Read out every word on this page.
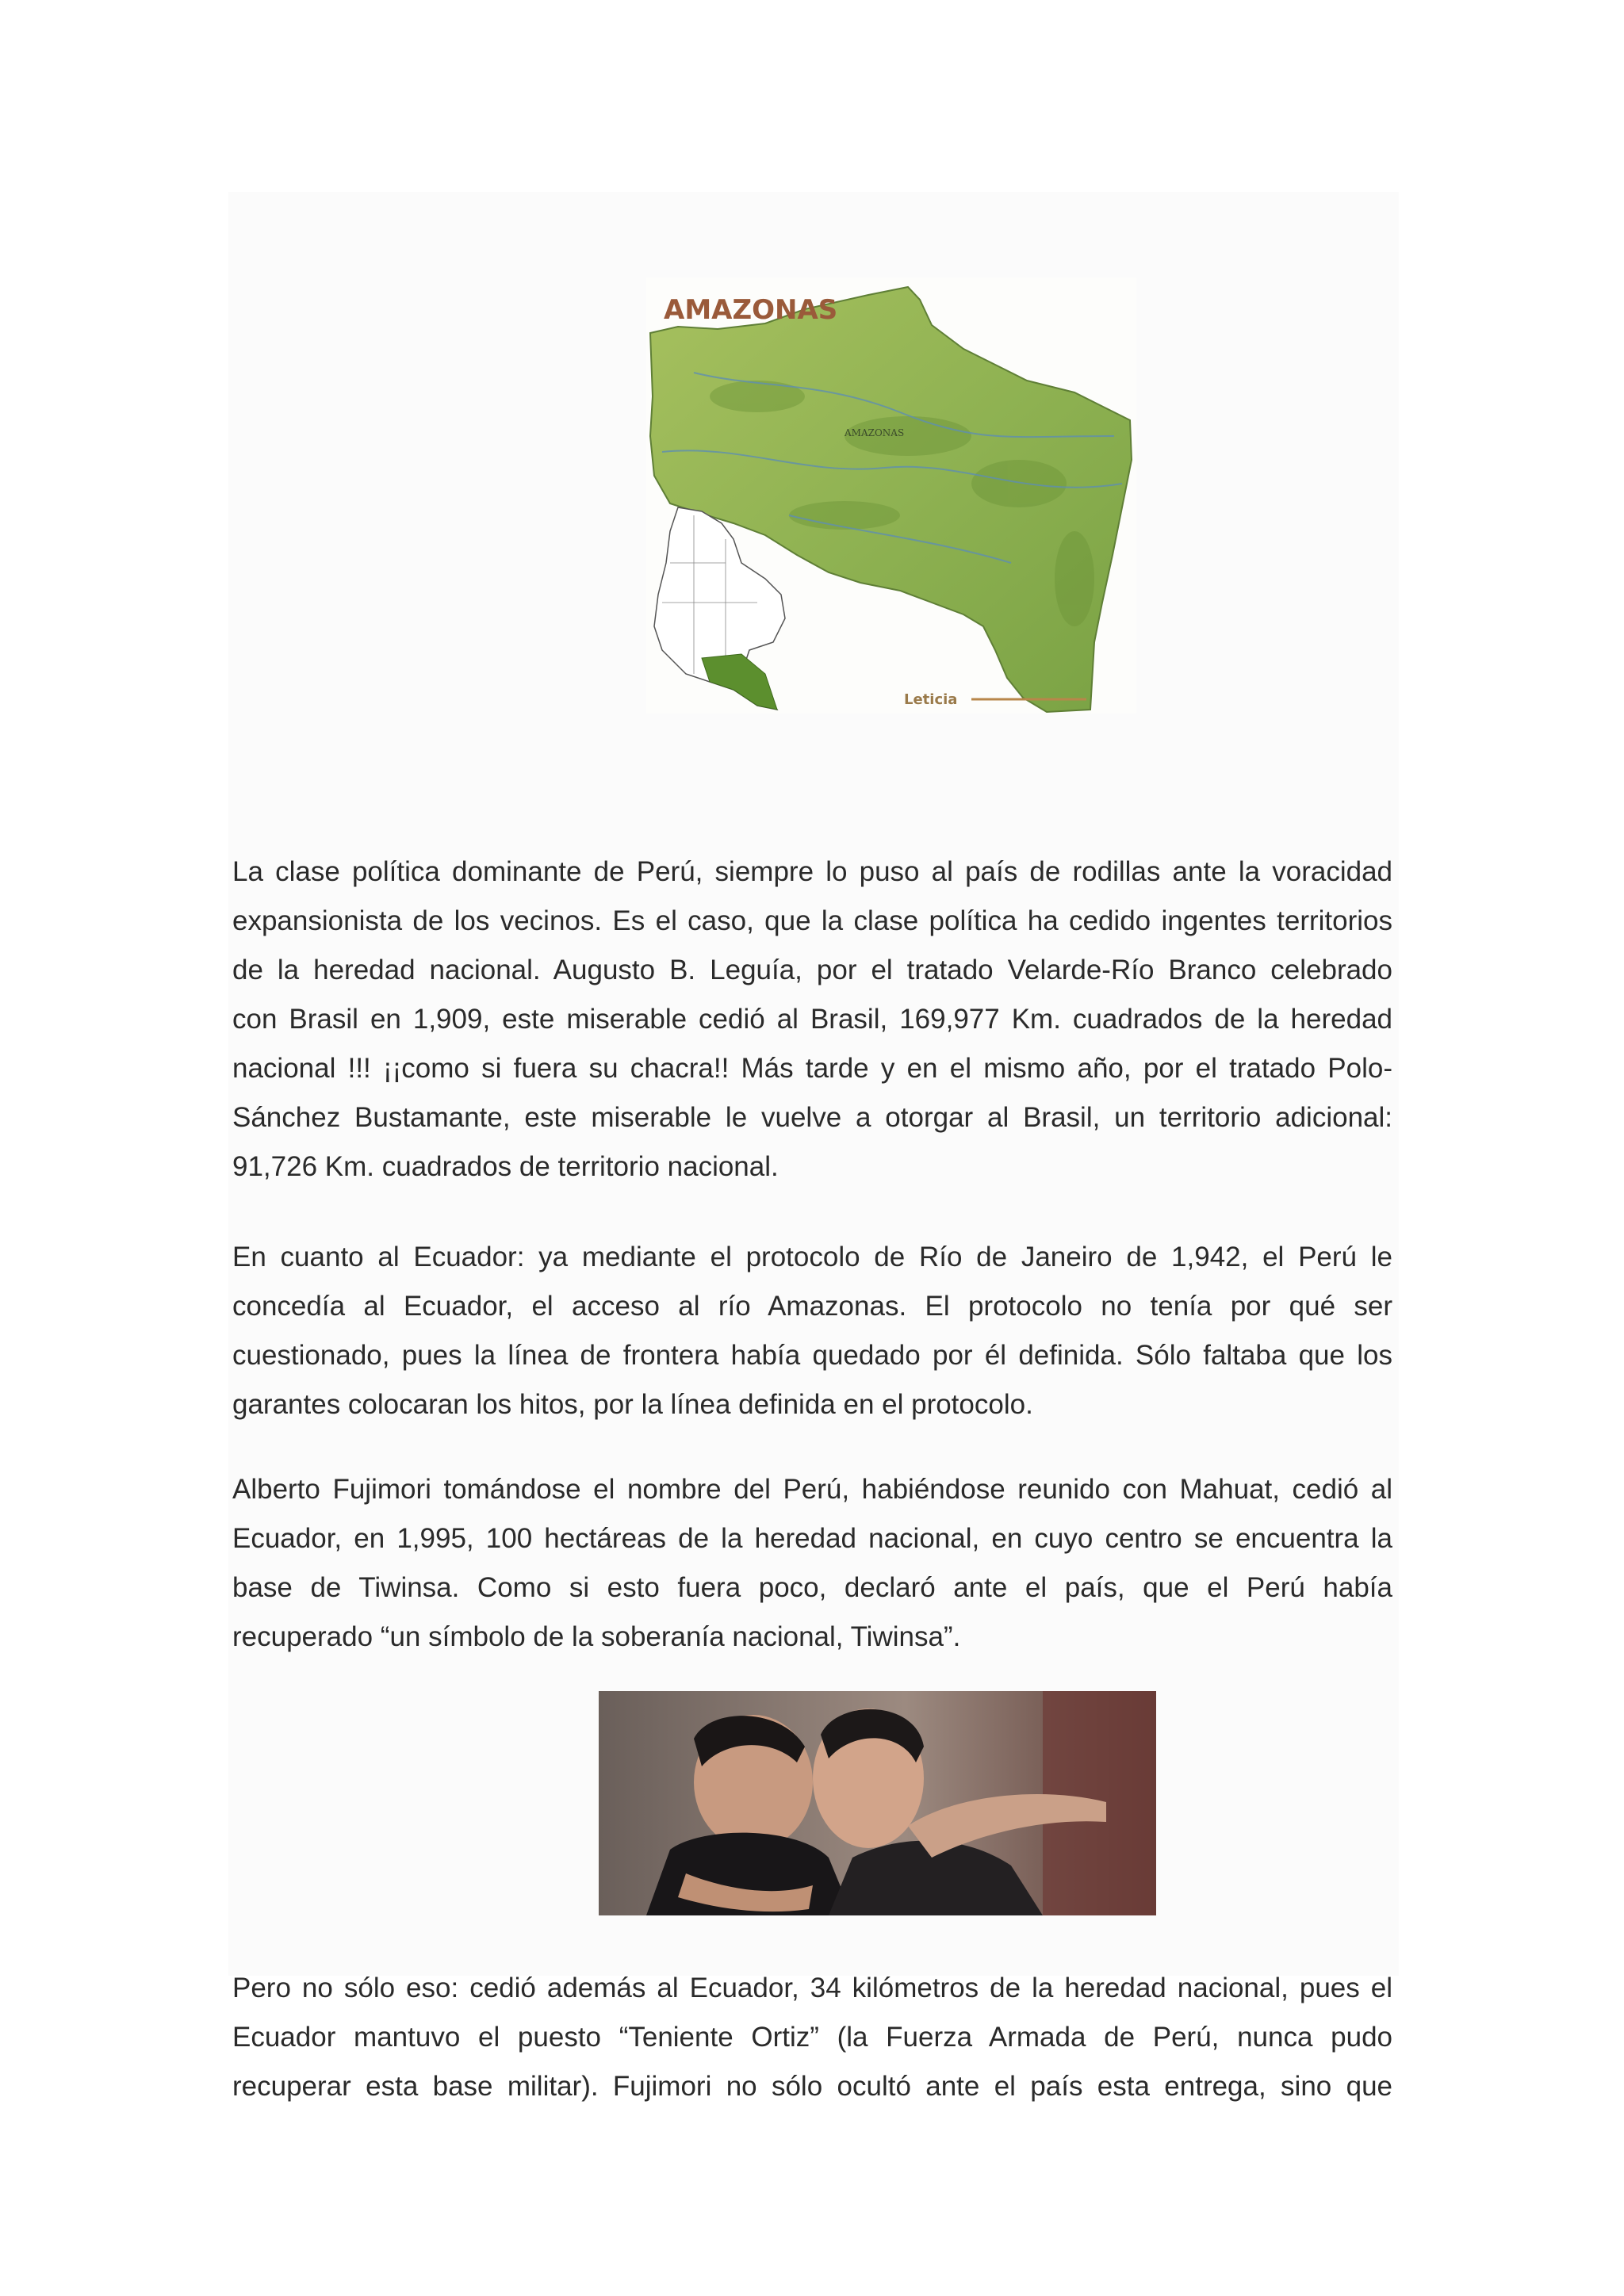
AMAZONAS
AMAZONAS
Leticia

La clase política dominante de Perú, siempre lo puso al país de rodillas ante la voracidad
expansionista de los vecinos. Es el caso, que la clase política ha cedido ingentes territorios
de la heredad nacional. Augusto B. Leguía, por el tratado Velarde-Río Branco celebrado
con Brasil en 1,909, este miserable cedió al Brasil, 169,977 Km. cuadrados de la heredad
nacional !!! ¡¡como si fuera su chacra!! Más tarde y en el mismo año, por el tratado Polo-
Sánchez Bustamante, este miserable le vuelve a otorgar al Brasil, un territorio adicional:
91,726 Km. cuadrados de territorio nacional.

En cuanto al Ecuador: ya mediante el protocolo de Río de Janeiro de 1,942, el Perú le
concedía al Ecuador, el acceso al río Amazonas. El protocolo no tenía por qué ser
cuestionado, pues la línea de frontera había quedado por él definida. Sólo faltaba que los
garantes colocaran los hitos, por la línea definida en el protocolo.

Alberto Fujimori tomándose el nombre del Perú, habiéndose reunido con Mahuat, cedió al
Ecuador, en 1,995, 100 hectáreas de la heredad nacional, en cuyo centro se encuentra la
base de Tiwinsa. Como si esto fuera poco, declaró ante el país, que el Perú había
recuperado “un símbolo de la soberanía nacional, Tiwinsa”.

Pero no sólo eso: cedió además al Ecuador, 34 kilómetros de la heredad nacional, pues el
Ecuador mantuvo el puesto “Teniente Ortiz” (la Fuerza Armada de Perú, nunca pudo
recuperar esta base militar). Fujimori no sólo ocultó ante el país esta entrega, sino que
